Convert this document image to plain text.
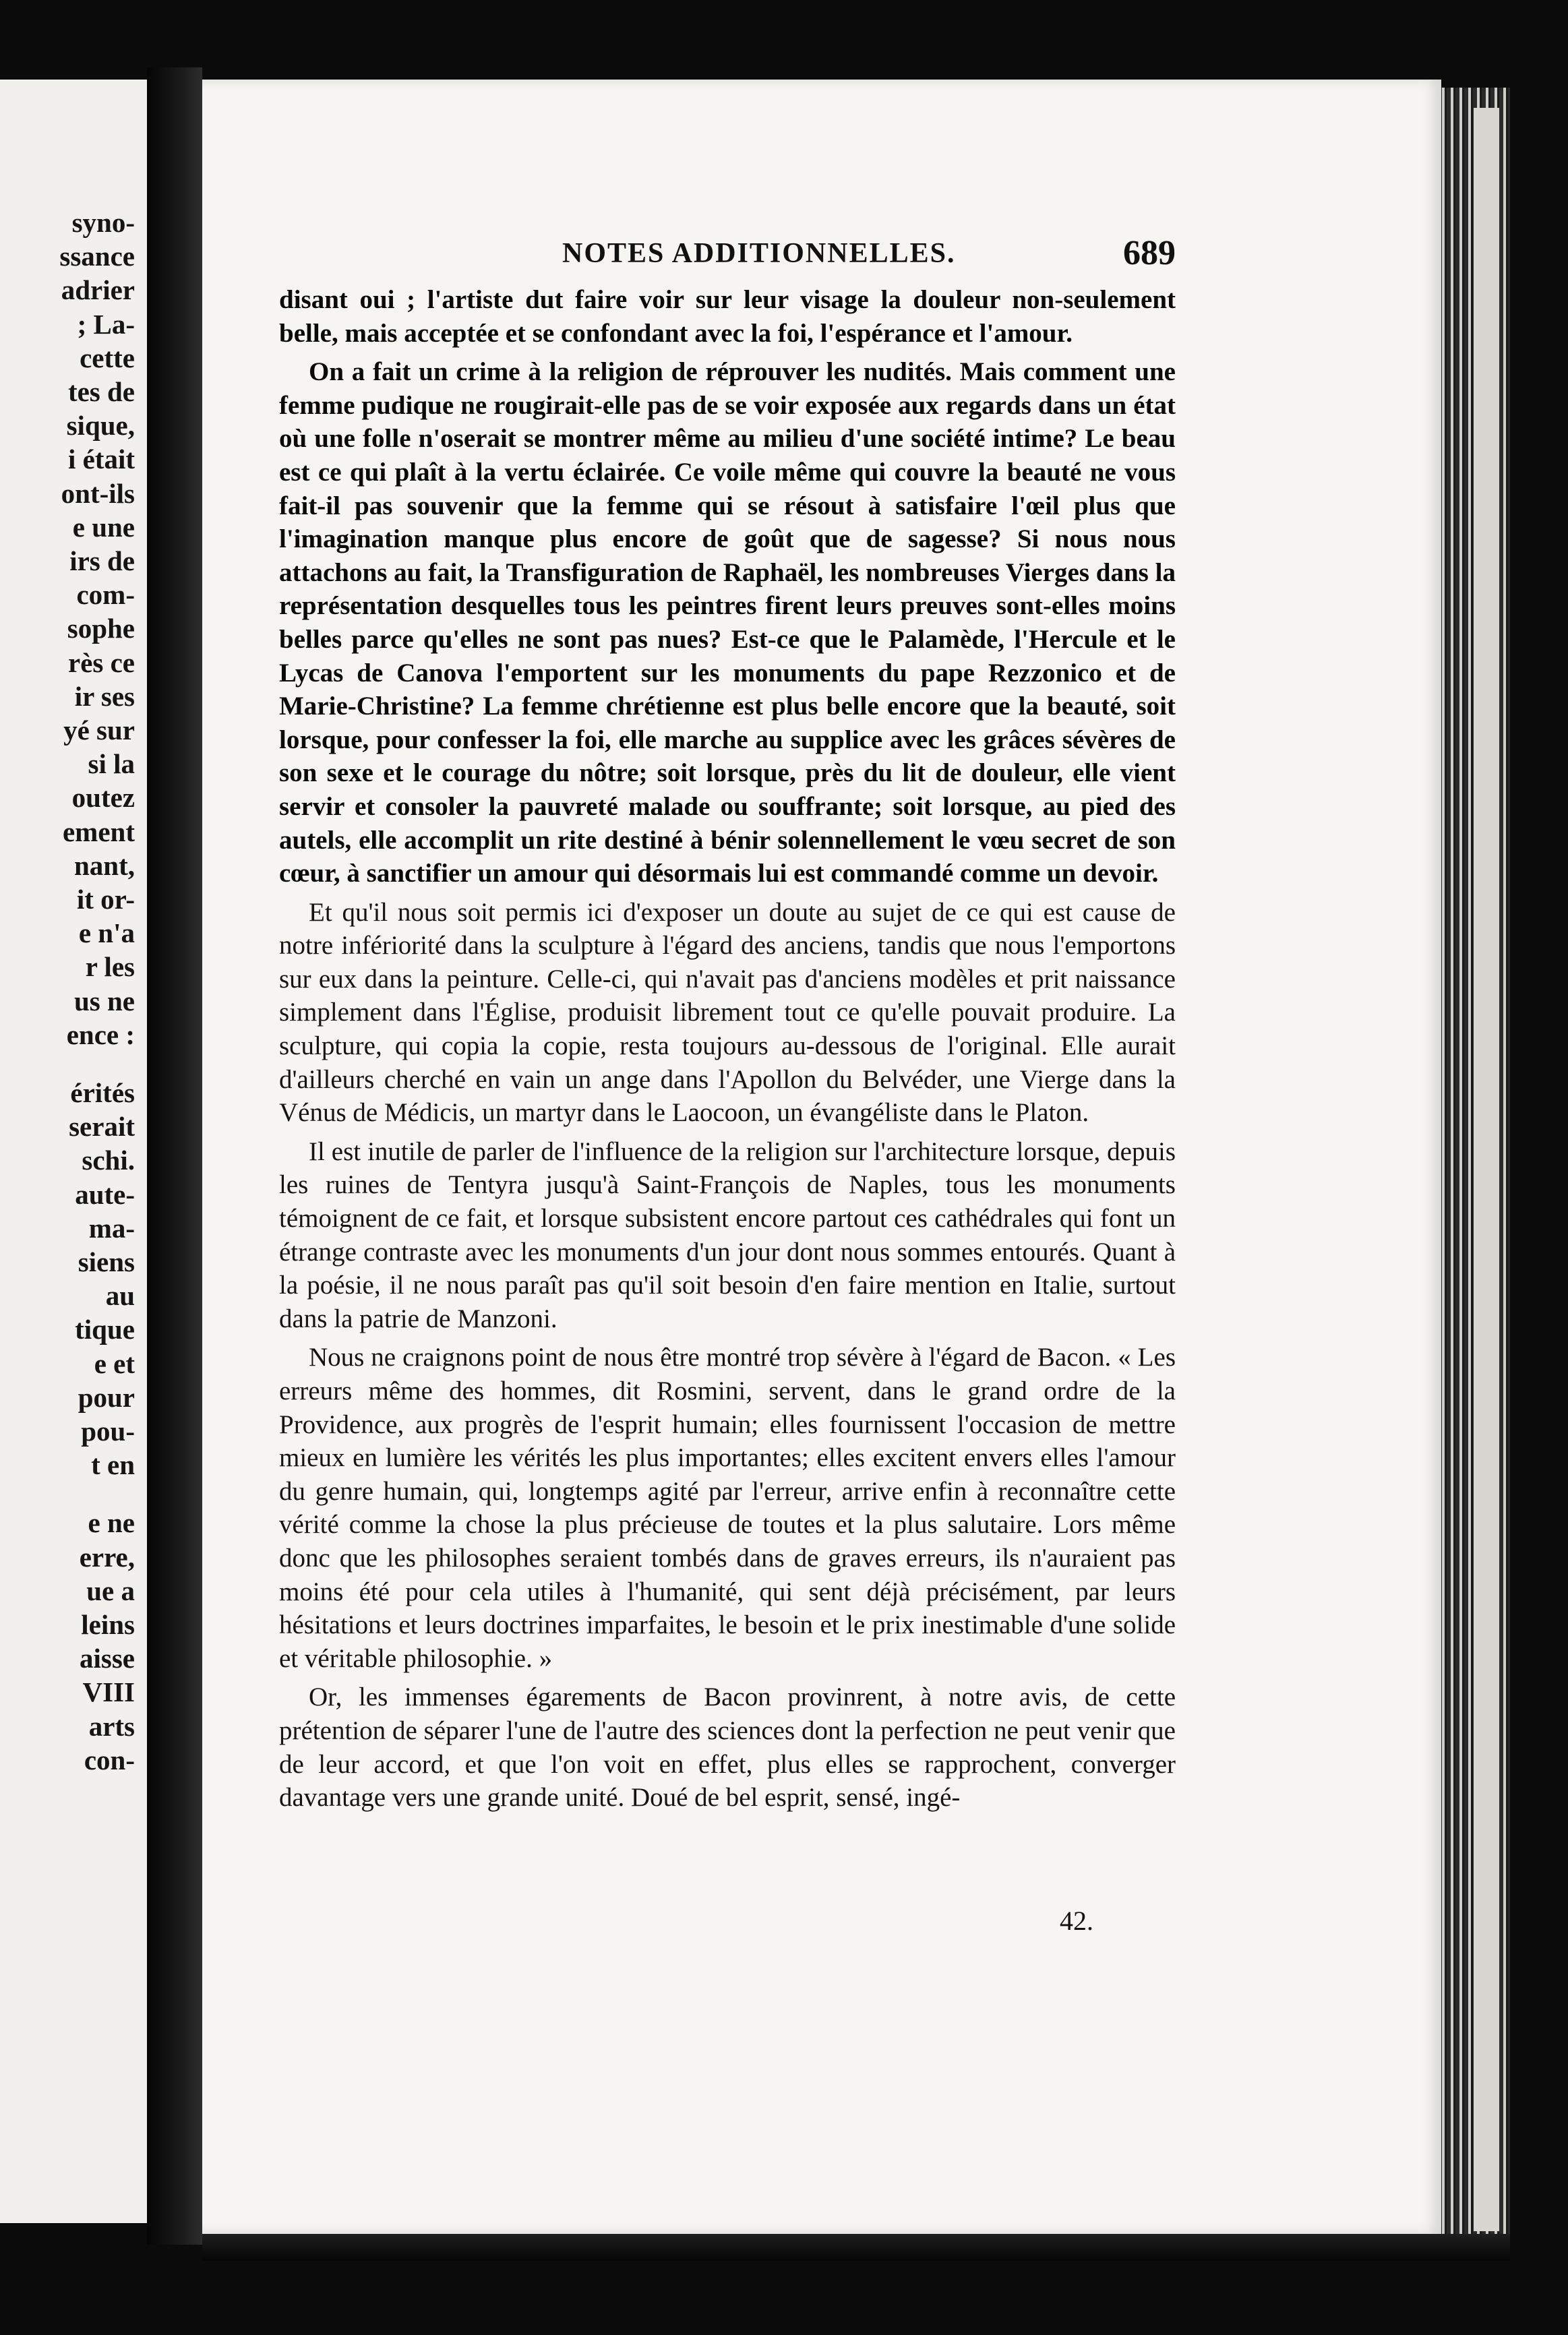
syno-
ssance
adrier
; La-
cette
tes de
sique,
i était
ont-ils
e une
irs de
com-
sophe
rès ce
ir ses
yé sur
si la
outez
ement
nant,
it or-
e n'a
r les
us ne
ence :
érités
serait
schi.
aute-
ma-
siens
au
tique
e et
pour
pou-
t en
e ne
erre,
ue a
leins
aisse
VIII
arts
con-
NOTES ADDITIONNELLES.	689

disant oui ; l'artiste dut faire voir sur leur visage la douleur non-seulement belle, mais acceptée et se confondant avec la foi, l'espérance et l'amour.

On a fait un crime à la religion de réprouver les nudités. Mais comment une femme pudique ne rougirait-elle pas de se voir exposée aux regards dans un état où une folle n'oserait se montrer même au milieu d'une société intime? Le beau est ce qui plaît à la vertu éclairée. Ce voile même qui couvre la beauté ne vous fait-il pas souvenir que la femme qui se résout à satisfaire l'œil plus que l'imagination manque plus encore de goût que de sagesse? Si nous nous attachons au fait, la Transfiguration de Raphaël, les nombreuses Vierges dans la représentation desquelles tous les peintres firent leurs preuves sont-elles moins belles parce qu'elles ne sont pas nues? Est-ce que le Palamède, l'Hercule et le Lycas de Canova l'emportent sur les monuments du pape Rezzonico et de Marie-Christine? La femme chrétienne est plus belle encore que la beauté, soit lorsque, pour confesser la foi, elle marche au supplice avec les grâces sévères de son sexe et le courage du nôtre; soit lorsque, près du lit de douleur, elle vient servir et consoler la pauvreté malade ou souffrante; soit lorsque, au pied des autels, elle accomplit un rite destiné à bénir solennellement le vœu secret de son cœur, à sanctifier un amour qui désormais lui est commandé comme un devoir.

Et qu'il nous soit permis ici d'exposer un doute au sujet de ce qui est cause de notre infériorité dans la sculpture à l'égard des anciens, tandis que nous l'emportons sur eux dans la peinture. Celle-ci, qui n'avait pas d'anciens modèles et prit naissance simplement dans l'Église, produisit librement tout ce qu'elle pouvait produire. La sculpture, qui copia la copie, resta toujours au-dessous de l'original. Elle aurait d'ailleurs cherché en vain un ange dans l'Apollon du Belvéder, une Vierge dans la Vénus de Médicis, un martyr dans le Laocoon, un évangéliste dans le Platon.

Il est inutile de parler de l'influence de la religion sur l'architecture lorsque, depuis les ruines de Tentyra jusqu'à Saint-François de Naples, tous les monuments témoignent de ce fait, et lorsque subsistent encore partout ces cathédrales qui font un étrange contraste avec les monuments d'un jour dont nous sommes entourés. Quant à la poésie, il ne nous paraît pas qu'il soit besoin d'en faire mention en Italie, surtout dans la patrie de Manzoni.

Nous ne craignons point de nous être montré trop sévère à l'égard de Bacon. « Les erreurs même des hommes, dit Rosmini, servent, dans le grand ordre de la Providence, aux progrès de l'esprit humain; elles fournissent l'occasion de mettre mieux en lumière les vérités les plus importantes; elles excitent envers elles l'amour du genre humain, qui, longtemps agité par l'erreur, arrive enfin à reconnaître cette vérité comme la chose la plus précieuse de toutes et la plus salutaire. Lors même donc que les philosophes seraient tombés dans de graves erreurs, ils n'auraient pas moins été pour cela utiles à l'humanité, qui sent déjà précisément, par leurs hésitations et leurs doctrines imparfaites, le besoin et le prix inestimable d'une solide et véritable philosophie. »

Or, les immenses égarements de Bacon provinrent, à notre avis, de cette prétention de séparer l'une de l'autre des sciences dont la perfection ne peut venir que de leur accord, et que l'on voit en effet, plus elles se rapprochent, converger davantage vers une grande unité. Doué de bel esprit, sensé, ingé-

42.
